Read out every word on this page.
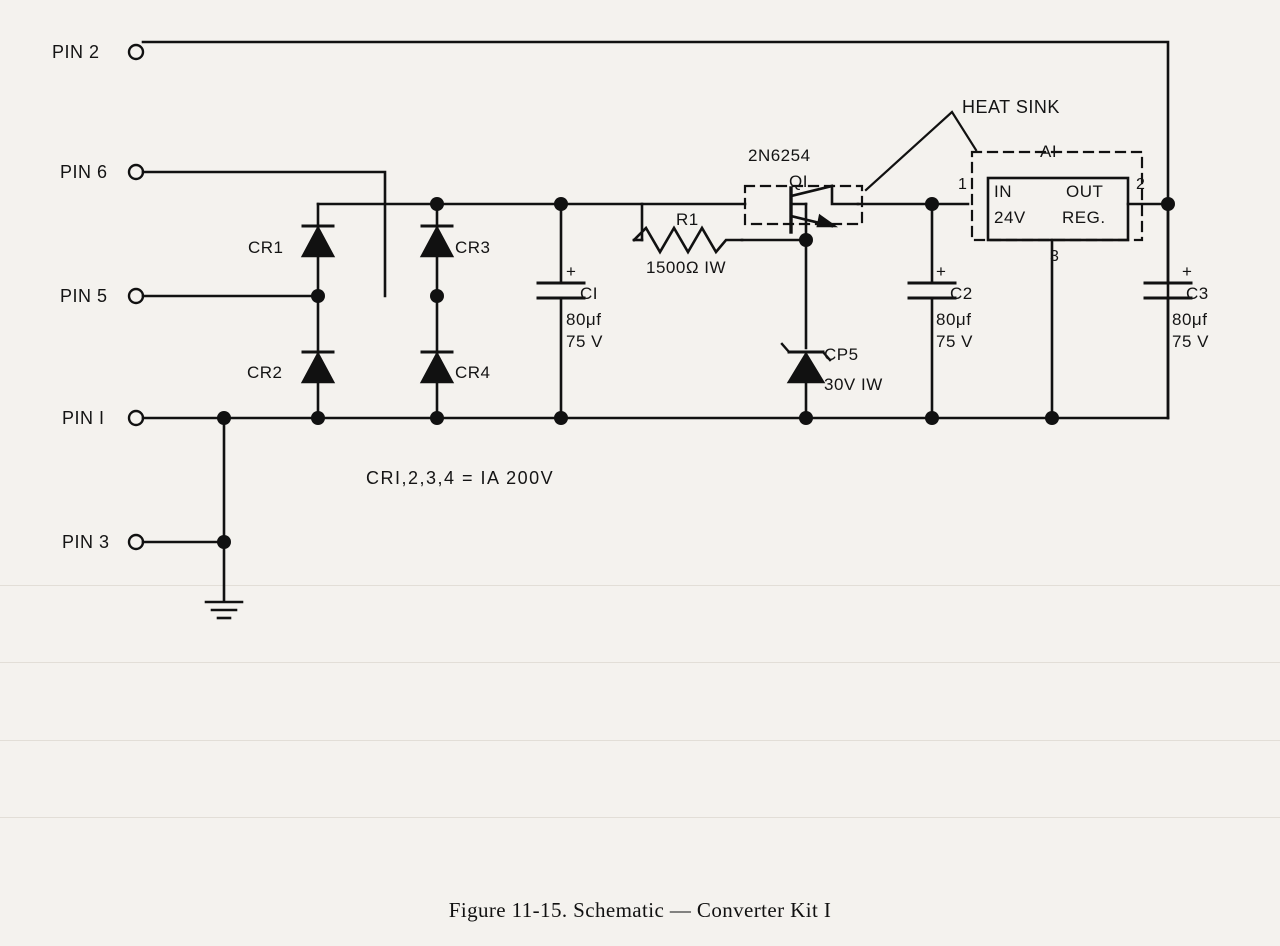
PIN 2
PIN 6
PIN 5
PIN I
PIN 3
CR1
CR2
CR3
CR4
+
CI
80μf
75 V
R1
1500Ω IW
2N6254
QI
HEAT SINK
CP5
30V IW
+
C2
80μf
75 V
AI
1	2
3
IN	OUT
24V REG.
+
C3
80μf
75 V
CRI,2,3,4 = IA 200V
Figure 11-15. Schematic — Converter Kit I
